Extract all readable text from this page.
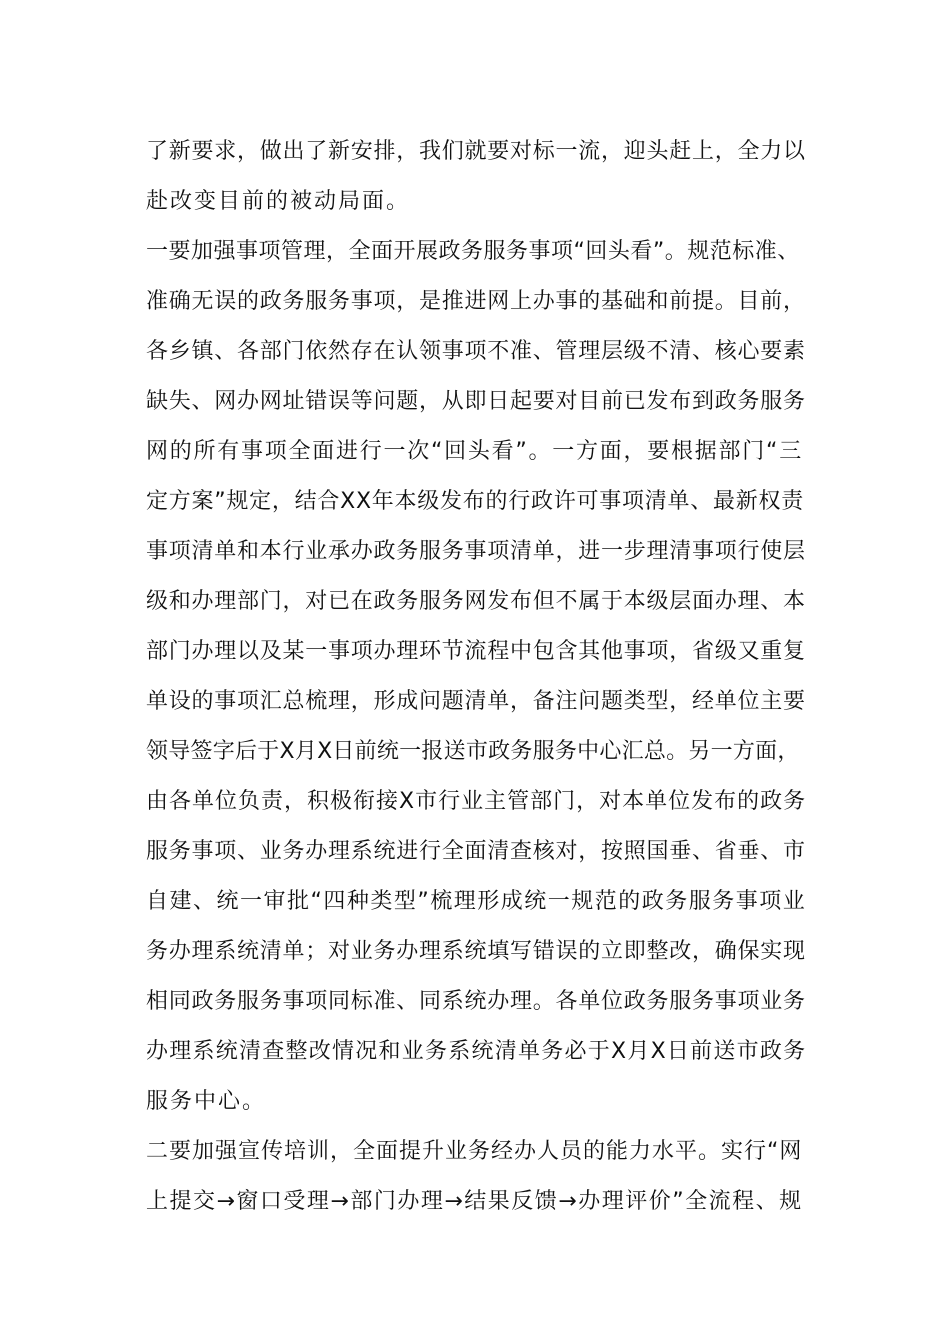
了新要求，做出了新安排，我们就要对标一流，迎头赶上，全力以
赴改变目前的被动局面。
一要加强事项管理，全面开展政务服务事项“回头看”。规范标准、
准确无误的政务服务事项，是推进网上办事的基础和前提。目前，
各乡镇、各部门依然存在认领事项不准、管理层级不清、核心要素
缺失、网办网址错误等问题，从即日起要对目前已发布到政务服务
网的所有事项全面进行一次“回头看”。一方面，要根据部门“三
定方案”规定，结合XX年本级发布的行政许可事项清单、最新权责
事项清单和本行业承办政务服务事项清单，进一步理清事项行使层
级和办理部门，对已在政务服务网发布但不属于本级层面办理、本
部门办理以及某一事项办理环节流程中包含其他事项，省级又重复
单设的事项汇总梳理，形成问题清单，备注问题类型，经单位主要
领导签字后于X月X日前统一报送市政务服务中心汇总。另一方面，
由各单位负责，积极衔接X市行业主管部门，对本单位发布的政务
服务事项、业务办理系统进行全面清查核对，按照国垂、省垂、市
自建、统一审批“四种类型”梳理形成统一规范的政务服务事项业
务办理系统清单；对业务办理系统填写错误的立即整改，确保实现
相同政务服务事项同标准、同系统办理。各单位政务服务事项业务
办理系统清查整改情况和业务系统清单务必于X月X日前送市政务
服务中心。
二要加强宣传培训，全面提升业务经办人员的能力水平。实行“网
上提交→窗口受理→部门办理→结果反馈→办理评价”全流程、规
